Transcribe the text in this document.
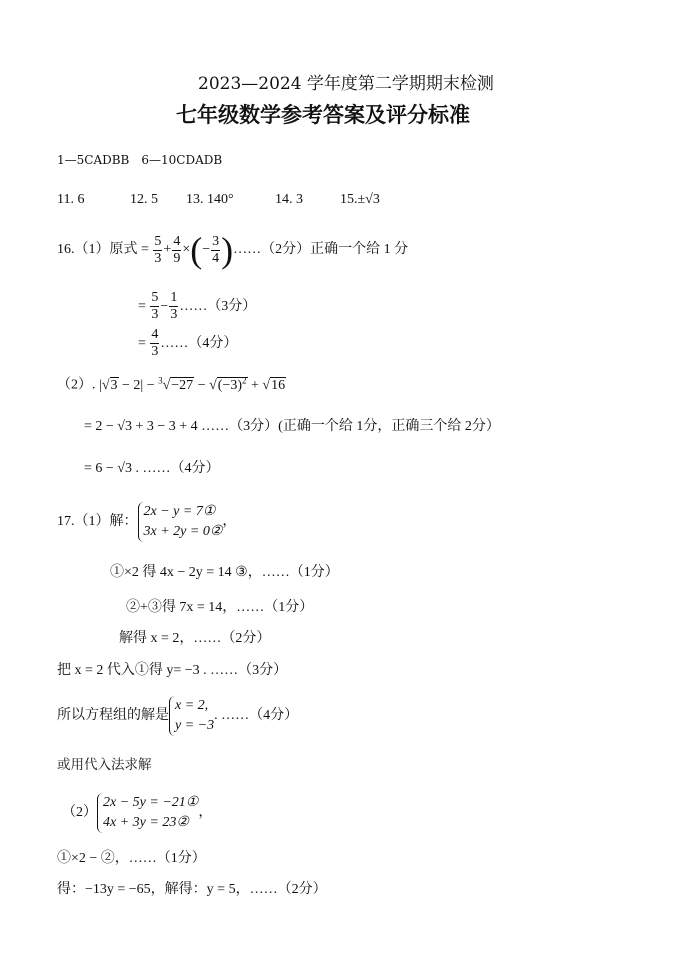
2023—2024 学年度第二学期期末检测
七年级数学参考答案及评分标准
1—5CADBB　6—10CDADB
11. 6	12. 5 13. 140°	14. 3	15.±√3
16.（1）原式 = $\frac{5}{3} + \frac{4}{9}$ × ( − $\frac{3}{4}$ ) ……（2分）正确一个给 1 分
= $\frac{5}{3} - \frac{1}{3}$ ……（3分）
= $\frac{4}{3}$ ……（4分）
（2）. $|√3 - 2| - ^3√-27 - √(-3)^2 + √16$
= 2 − √3 + 3 − 3 + 4 ……（3分）(正确一个给 1分，正确三个给 2分）
= 6 − √3 . ……（4分）
17.（1）解：
2x − y = 7①
3x + 2y = 0②
，
①×2 得 4x − 2y = 14 ③，……（1分）
②+③得 7x = 14，……（1分）
解得 x = 2，……（2分）
把 x = 2 代入①得 y= −3 . ……（3分）
所以方程组的解是
x = 2,
y = −3
. ……（4分）
或用代入法求解
（2）
2x − 5y = −21①
4x + 3y = 23②
，
①×2 − ②，……（1分）
得：−13y = −65，解得：y = 5，……（2分）
